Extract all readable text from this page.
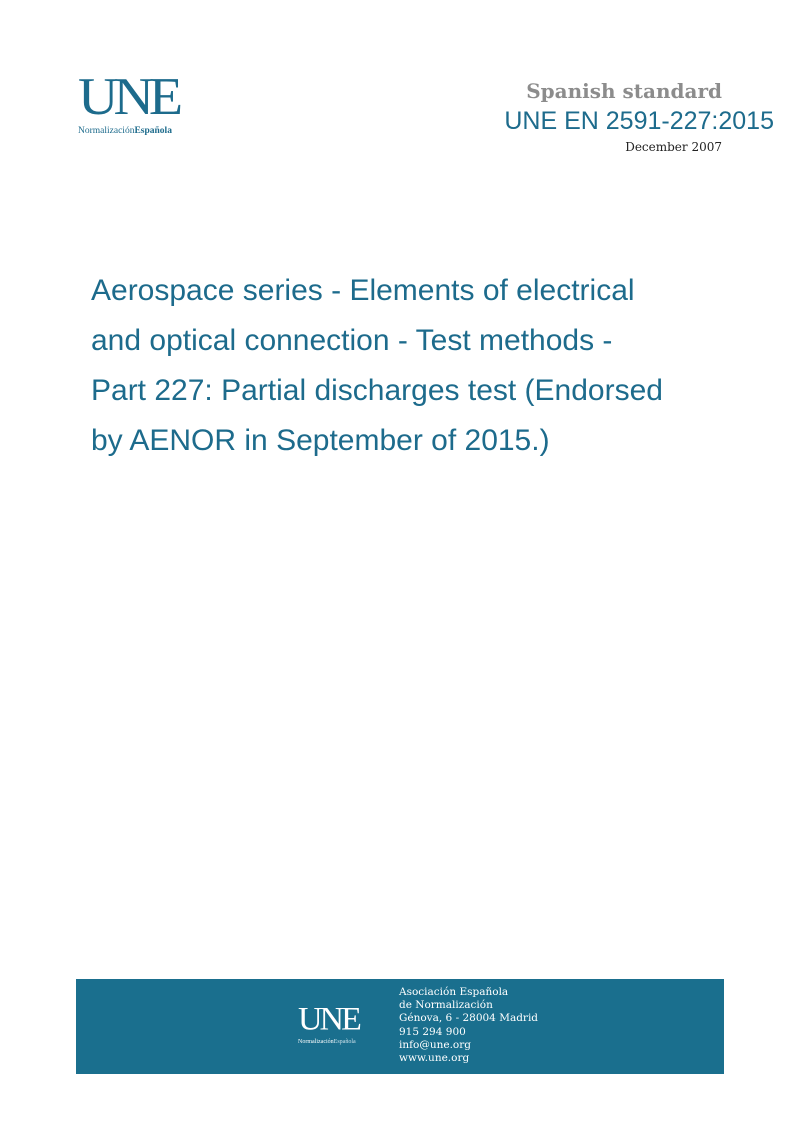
UNE
NormalizaciónEspañola
Spanish standard
UNE EN 2591-227:2015
December 2007
Aerospace series - Elements of electrical
and optical connection - Test methods -
Part 227: Partial discharges test (Endorsed
by AENOR in September of 2015.)
UNE
NormalizaciónEspañola
Asociación Española
de Normalización
Génova, 6 - 28004 Madrid
915 294 900
info@une.org
www.une.org
